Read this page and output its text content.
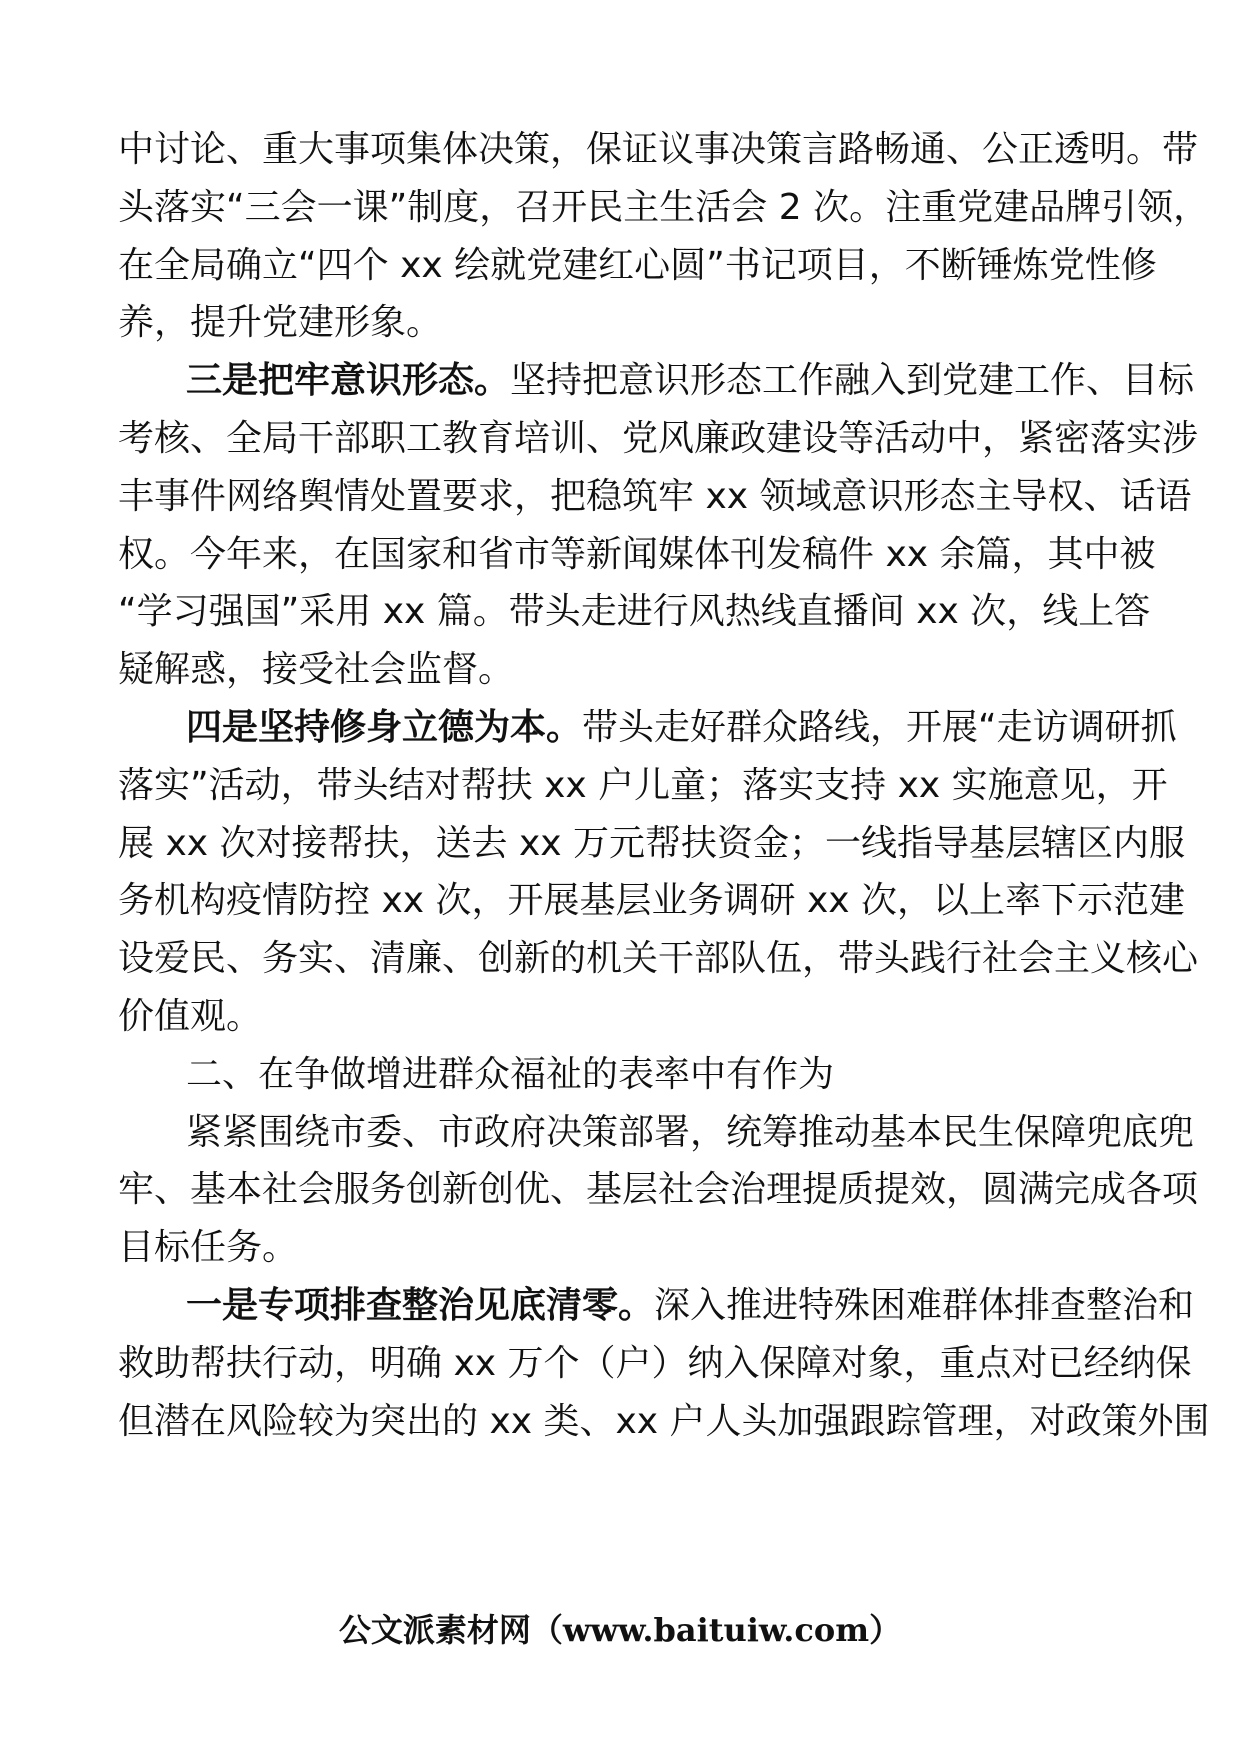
中讨论、重大事项集体决策，保证议事决策言路畅通、公正透明。带
头落实“三会一课”制度，召开民主生活会 2 次。注重党建品牌引领，
在全局确立“四个 xx 绘就党建红心圆”书记项目，不断锤炼党性修
养，提升党建形象。
三是把牢意识形态。坚持把意识形态工作融入到党建工作、目标
考核、全局干部职工教育培训、党风廉政建设等活动中，紧密落实涉
丰事件网络舆情处置要求，把稳筑牢 xx 领域意识形态主导权、话语
权。今年来，在国家和省市等新闻媒体刊发稿件 xx 余篇，其中被
“学习强国”采用 xx 篇。带头走进行风热线直播间 xx 次，线上答
疑解惑，接受社会监督。
四是坚持修身立德为本。带头走好群众路线，开展“走访调研抓
落实”活动，带头结对帮扶 xx 户儿童；落实支持 xx 实施意见，开
展 xx 次对接帮扶，送去 xx 万元帮扶资金；一线指导基层辖区内服
务机构疫情防控 xx 次，开展基层业务调研 xx 次，以上率下示范建
设爱民、务实、清廉、创新的机关干部队伍，带头践行社会主义核心
价值观。
二、在争做增进群众福祉的表率中有作为
紧紧围绕市委、市政府决策部署，统筹推动基本民生保障兜底兜
牢、基本社会服务创新创优、基层社会治理提质提效，圆满完成各项
目标任务。
一是专项排查整治见底清零。深入推进特殊困难群体排查整治和
救助帮扶行动，明确 xx 万个（户）纳入保障对象，重点对已经纳保
但潜在风险较为突出的 xx 类、xx 户人头加强跟踪管理，对政策外围
公文派素材网（www.baituiw.com）
